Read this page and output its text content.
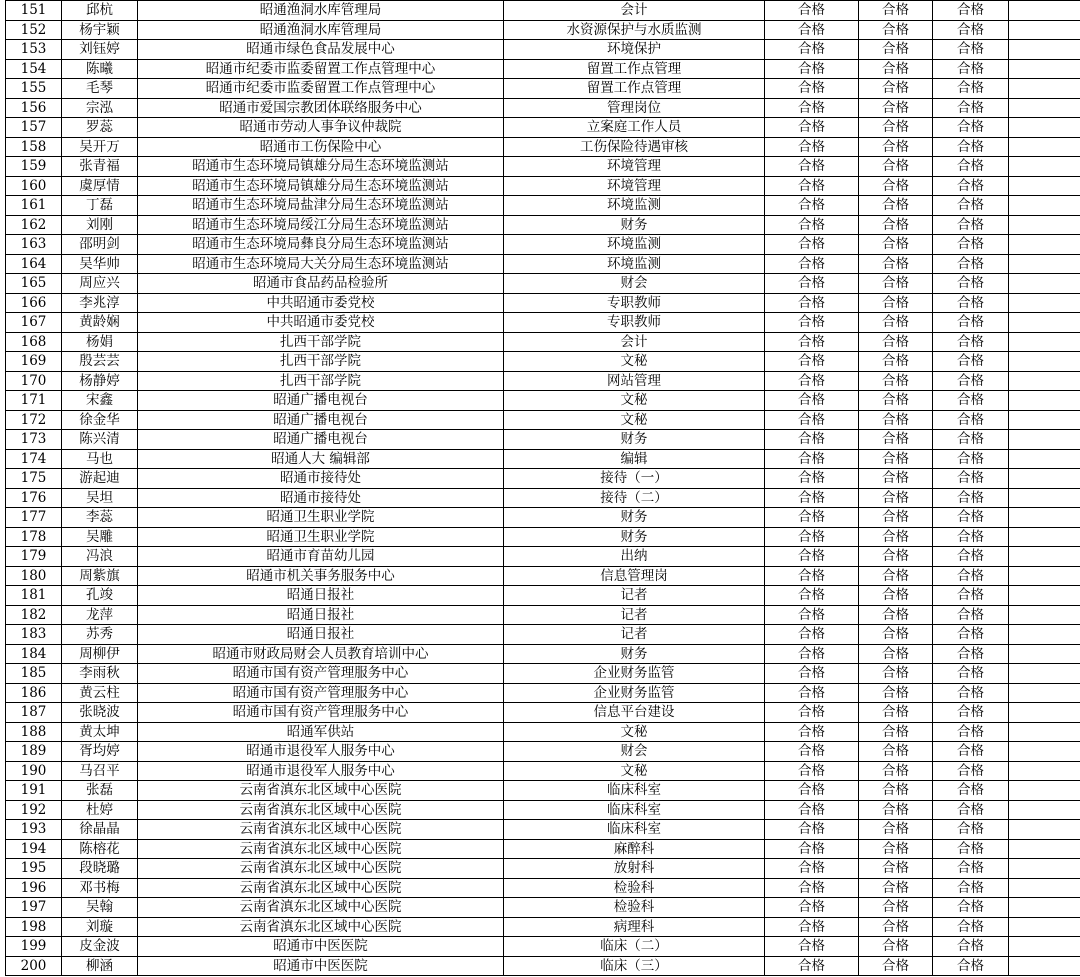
151	邱杭	昭通渔洞水库管理局	会计	合格	合格	合格	
152	杨宇颖	昭通渔洞水库管理局	水资源保护与水质监测	合格	合格	合格	
153	刘钰婷	昭通市绿色食品发展中心	环境保护	合格	合格	合格	
154	陈曦	昭通市纪委市监委留置工作点管理中心	留置工作点管理	合格	合格	合格	
155	毛琴	昭通市纪委市监委留置工作点管理中心	留置工作点管理	合格	合格	合格	
156	宗泓	昭通市爱国宗教团体联络服务中心	管理岗位	合格	合格	合格	
157	罗蕊	昭通市劳动人事争议仲裁院	立案庭工作人员	合格	合格	合格	
158	吴开万	昭通市工伤保险中心	工伤保险待遇审核	合格	合格	合格	
159	张青福	昭通市生态环境局镇雄分局生态环境监测站	环境管理	合格	合格	合格	
160	虞厚情	昭通市生态环境局镇雄分局生态环境监测站	环境管理	合格	合格	合格	
161	丁磊	昭通市生态环境局盐津分局生态环境监测站	环境监测	合格	合格	合格	
162	刘刚	昭通市生态环境局绥江分局生态环境监测站	财务	合格	合格	合格	
163	邵明剑	昭通市生态环境局彝良分局生态环境监测站	环境监测	合格	合格	合格	
164	吴华帅	昭通市生态环境局大关分局生态环境监测站	环境监测	合格	合格	合格	
165	周应兴	昭通市食品药品检验所	财会	合格	合格	合格	
166	李兆淳	中共昭通市委党校	专职教师	合格	合格	合格	
167	黄龄娴	中共昭通市委党校	专职教师	合格	合格	合格	
168	杨娟	扎西干部学院	会计	合格	合格	合格	
169	殷芸芸	扎西干部学院	文秘	合格	合格	合格	
170	杨静婷	扎西干部学院	网站管理	合格	合格	合格	
171	宋鑫	昭通广播电视台	文秘	合格	合格	合格	
172	徐金华	昭通广播电视台	文秘	合格	合格	合格	
173	陈兴清	昭通广播电视台	财务	合格	合格	合格	
174	马也	昭通人大 编辑部	编辑	合格	合格	合格	
175	游起迪	昭通市接待处	接待（一）	合格	合格	合格	
176	吴坦	昭通市接待处	接待（二）	合格	合格	合格	
177	李蕊	昭通卫生职业学院	财务	合格	合格	合格	
178	吴雕	昭通卫生职业学院	财务	合格	合格	合格	
179	冯浪	昭通市育苗幼儿园	出纳	合格	合格	合格	
180	周紫旗	昭通市机关事务服务中心	信息管理岗	合格	合格	合格	
181	孔竣	昭通日报社	记者	合格	合格	合格	
182	龙萍	昭通日报社	记者	合格	合格	合格	
183	苏秀	昭通日报社	记者	合格	合格	合格	
184	周柳伊	昭通市财政局财会人员教育培训中心	财务	合格	合格	合格	
185	李雨秋	昭通市国有资产管理服务中心	企业财务监管	合格	合格	合格	
186	黄云柱	昭通市国有资产管理服务中心	企业财务监管	合格	合格	合格	
187	张晓波	昭通市国有资产管理服务中心	信息平台建设	合格	合格	合格	
188	黄太坤	昭通军供站	文秘	合格	合格	合格	
189	胥均婷	昭通市退役军人服务中心	财会	合格	合格	合格	
190	马召平	昭通市退役军人服务中心	文秘	合格	合格	合格	
191	张磊	云南省滇东北区域中心医院	临床科室	合格	合格	合格	
192	杜婷	云南省滇东北区域中心医院	临床科室	合格	合格	合格	
193	徐晶晶	云南省滇东北区域中心医院	临床科室	合格	合格	合格	
194	陈榕花	云南省滇东北区域中心医院	麻醉科	合格	合格	合格	
195	段晓璐	云南省滇东北区域中心医院	放射科	合格	合格	合格	
196	邓书梅	云南省滇东北区域中心医院	检验科	合格	合格	合格	
197	吴翰	云南省滇东北区域中心医院	检验科	合格	合格	合格	
198	刘璇	云南省滇东北区域中心医院	病理科	合格	合格	合格	
199	皮金波	昭通市中医医院	临床（二）	合格	合格	合格	
200	柳涵	昭通市中医医院	临床（三）	合格	合格	合格	
